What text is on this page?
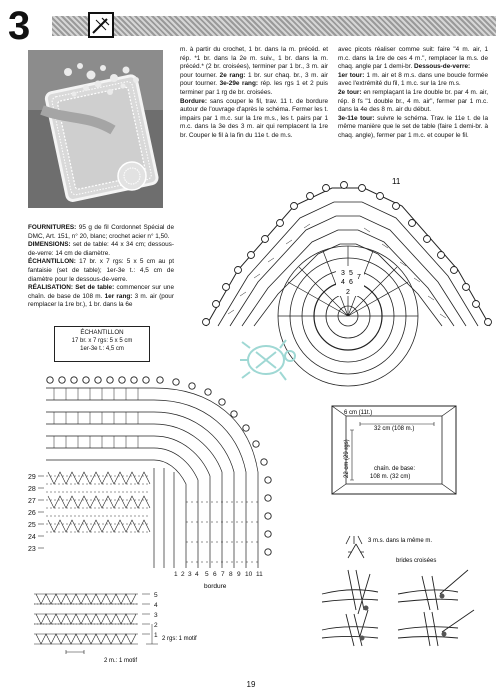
3

FOURNITURES: 95 g de fil Cordonnet Spécial de DMC, Art. 151, n° 20, blanc; crochet acier n° 1,50.

DIMENSIONS: set de table: 44 x 34 cm; dessous-de-verre: 14 cm de diamètre.

ÉCHANTILLON: 17 br. x 7 rgs: 5 x 5 cm au pt fantaisie (set de table); 1er-3e t.: 4,5 cm de diamètre pour le dessous-de-verre.

RÉALISATION: Set de table: commencer sur une chaîn. de base de 108 m. 1er rang: 3 m. air (pour remplacer la 1re br.), 1 br. dans la 6e

m. à partir du crochet, 1 br. dans la m. précéd. et rép. *1 br. dans la 2e m. suiv., 1 br. dans la m. précéd.* (2 br. croisées), terminer par 1 br., 3 m. air pour tourner. 2e rang: 1 br. sur chaq. br., 3 m. air pour tourner. 3e-29e rang: rép. les rgs 1 et 2 puis terminer par 1 rg de br. croisées.

Bordure: sans couper le fil, trav. 11 t. de bordure autour de l'ouvrage d'après le schéma. Fermer les t. impairs par 1 m.c. sur la 1re m.s., les t. pairs par 1 m.c. dans la 3e des 3 m. air qui remplacent la 1re br. Couper le fil à la fin du 11e t. de m.s.

avec picots réaliser comme suit: faire "4 m. air, 1 m.c. dans la 1re de ces 4 m.", remplacer la m.s. de chaq. angle par 1 demi-br. Dessous-de-verre:

1er tour: 1 m. air et 8 m.s. dans une boucle formée avec l'extrémité du fil, 1 m.c. sur la 1re m.s.

2e tour: en remplaçant la 1re double br. par 4 m. air, rép. 8 fs "1 double br., 4 m. air", fermer par 1 m.c. dans la 4e des 8 m. air du début.

3e-11e tour: suivre le schéma. Trav. le 11e t. de la même manière que le set de table (faire 1 demi-br. à chaq. angle), fermer par 1 m.c. et couper le fil.

11
3
4
5
6
7
2
ÉCHANTILLON
17 br. x 7 rgs: 5 x 5 cm
1er-3e t.: 4,5 cm
29
28
27
26
25
24
23
1 2 3 4 5 6 7 8 9 10 11
bordure
6 cm (11t.)
32 cm (108 m.)
22 cm (29 rgs)	chaîn. de base:
108 m. (32 cm)
3 m.s. dans la même m.
brides croisées
5
4
3
2
1 2 rgs: 1 motif
2 m.: 1 motif
19
